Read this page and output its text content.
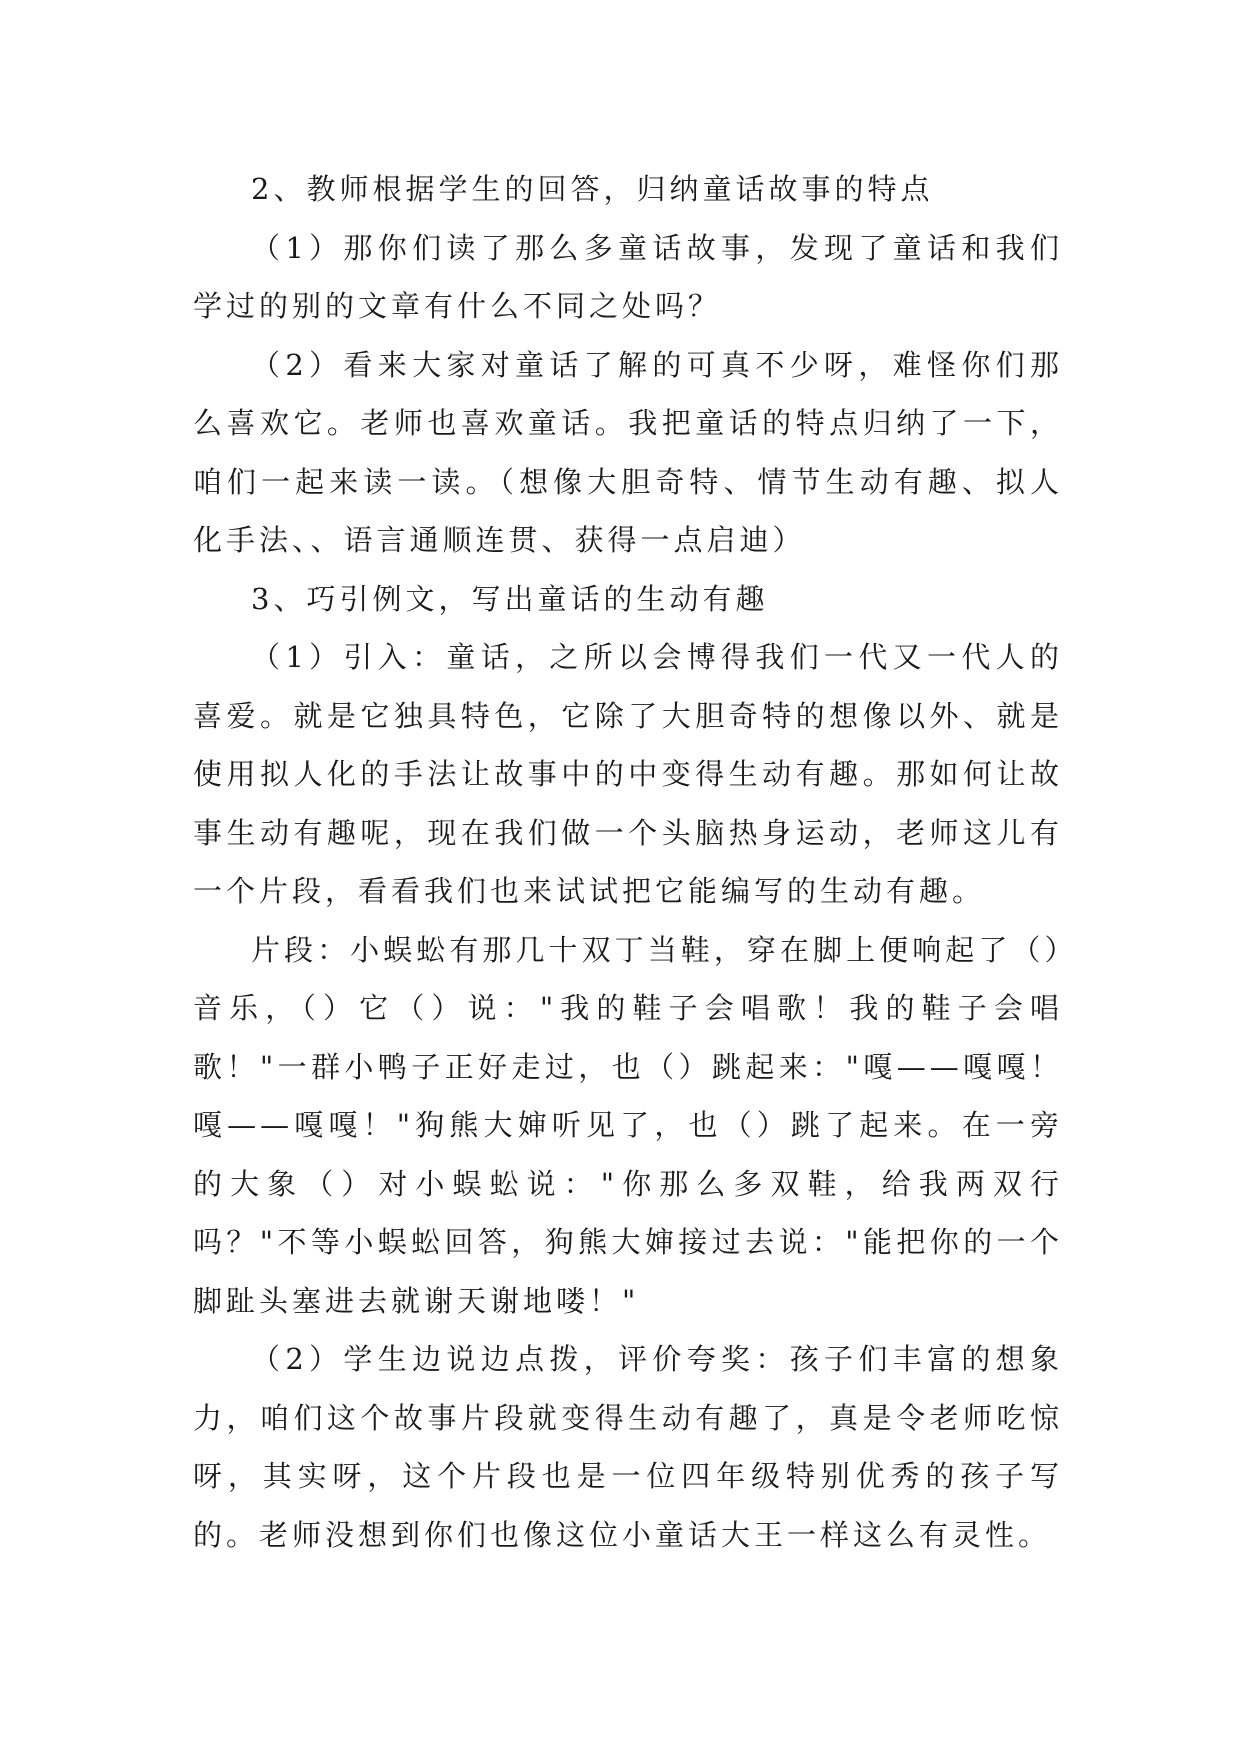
2、教师根据学生的回答，归纳童话故事的特点

（1）那你们读了那么多童话故事，发现了童话和我们学过的别的文章有什么不同之处吗？

（2）看来大家对童话了解的可真不少呀，难怪你们那么喜欢它。老师也喜欢童话。我把童话的特点归纳了一下，咱们一起来读一读。（想像大胆奇特、情节生动有趣、拟人化手法、、语言通顺连贯、获得一点启迪）

3、巧引例文，写出童话的生动有趣

（1）引入：童话，之所以会博得我们一代又一代人的喜爱。就是它独具特色，它除了大胆奇特的想像以外、就是使用拟人化的手法让故事中的中变得生动有趣。那如何让故事生动有趣呢，现在我们做一个头脑热身运动，老师这儿有一个片段，看看我们也来试试把它能编写的生动有趣。

片段：小蜈蚣有那几十双丁当鞋，穿在脚上便响起了（）音乐，（）它（）说："我的鞋子会唱歌！我的鞋子会唱歌！"一群小鸭子正好走过，也（）跳起来："嘎——嘎嘎！嘎——嘎嘎！"狗熊大婶听见了，也（）跳了起来。在一旁的大象（）对小蜈蚣说："你那么多双鞋，给我两双行吗？"不等小蜈蚣回答，狗熊大婶接过去说："能把你的一个脚趾头塞进去就谢天谢地喽！"

（2）学生边说边点拨，评价夸奖：孩子们丰富的想象力，咱们这个故事片段就变得生动有趣了，真是令老师吃惊呀，其实呀，这个片段也是一位四年级特别优秀的孩子写的。老师没想到你们也像这位小童话大王一样这么有灵性。
